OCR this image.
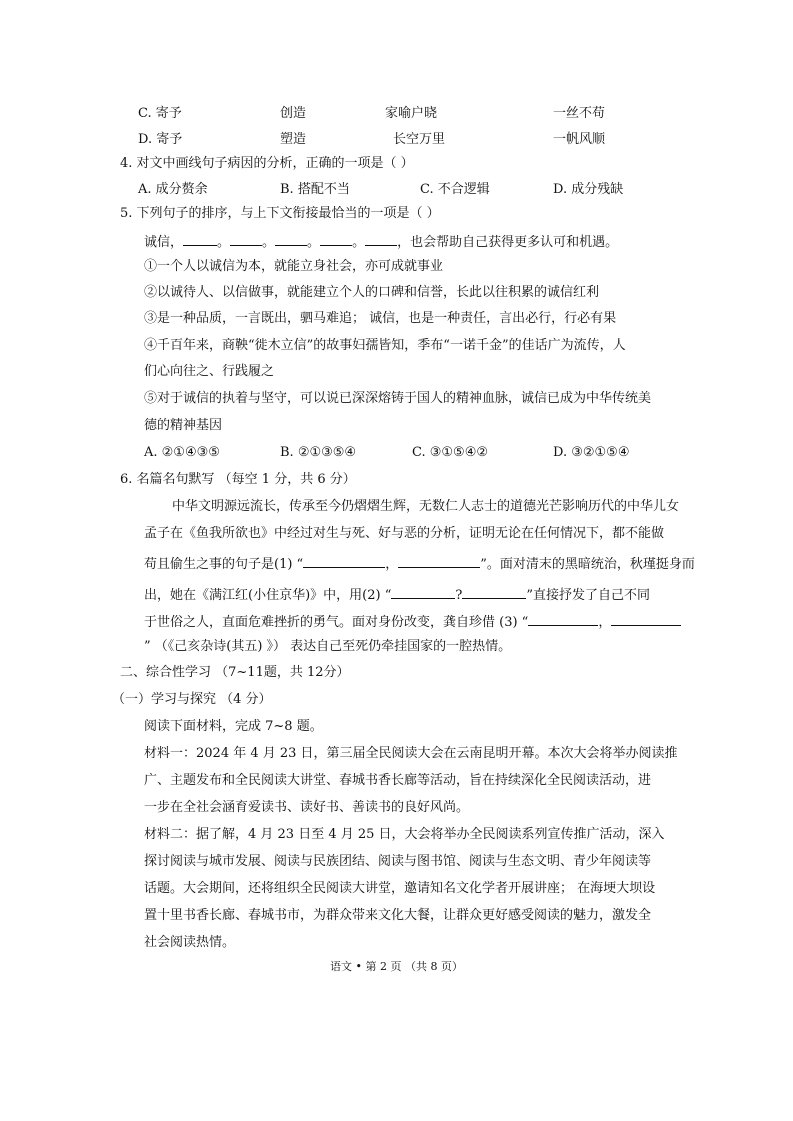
C. 寄予	创造	家喻户晓	一丝不苟
D. 寄予	塑造	长空万里	一帆风顺
4. 对文中画线句子病因的分析，正确的一项是（ ）
A. 成分赘余	B. 搭配不当	C. 不合逻辑	D. 成分残缺
5. 下列句子的排序，与上下文衔接最恰当的一项是（ ）
诚信，	。 。 。 。 ，也会帮助自己获得更多认可和机遇。
①一个人以诚信为本，就能立身社会，亦可成就事业
②以诚待人、以信做事，就能建立个人的口碑和信誉，长此以往积累的诚信红利
③是一种品质，一言既出，驷马难追； 诚信，也是一种责任，言出必行，行必有果
④千百年来，商鞅“徙木立信”的故事妇孺皆知，季布“一诺千金”的佳话广为流传，人
们心向往之、行践履之
⑤对于诚信的执着与坚守，可以说已深深熔铸于国人的精神血脉，诚信已成为中华传统美
德的精神基因
A. ②①④③⑤	B. ②①③⑤④	C. ③①⑤④②	D. ③②①⑤④
6. 名篇名句默写 （每空 1 分，共 6 分）
中华文明源远流长，传承至今仍熠熠生辉，无数仁人志士的道德光芒影响历代的中华儿女
孟子在《鱼我所欲也》中经过对生与死、好与恶的分析，证明无论在任何情况下，都不能做
苟且偷生之事的句子是(1) “	，	”。面对清末的黑暗统治，秋瑾挺身而
出，她在《满江红(小住京华)》中，用(2) “	?	”直接抒发了自己不同
于世俗之人，直面危难挫折的勇气。面对身份改变，龚自珍借 (3) “	，
” （《己亥杂诗(其五) 》） 表达自己至死仍牵挂国家的一腔热情。
二、综合性学习 （7~11题，共 12分）
（一）学习与探究 （4 分）
阅读下面材料，完成 7~8 题。
材料一：2024 年 4 月 23 日，第三届全民阅读大会在云南昆明开幕。本次大会将举办阅读推
广、主题发布和全民阅读大讲堂、春城书香长廊等活动，旨在持续深化全民阅读活动，进
一步在全社会涵育爱读书、读好书、善读书的良好风尚。
材料二：据了解，4 月 23 日至 4 月 25 日，大会将举办全民阅读系列宣传推广活动，深入
探讨阅读与城市发展、阅读与民族团结、阅读与图书馆、阅读与生态文明、青少年阅读等
话题。大会期间，还将组织全民阅读大讲堂，邀请知名文化学者开展讲座； 在海埂大坝设
置十里书香长廊、春城书市，为群众带来文化大餐，让群众更好感受阅读的魅力，激发全
社会阅读热情。
语文 • 第 2 页 （共 8 页）
